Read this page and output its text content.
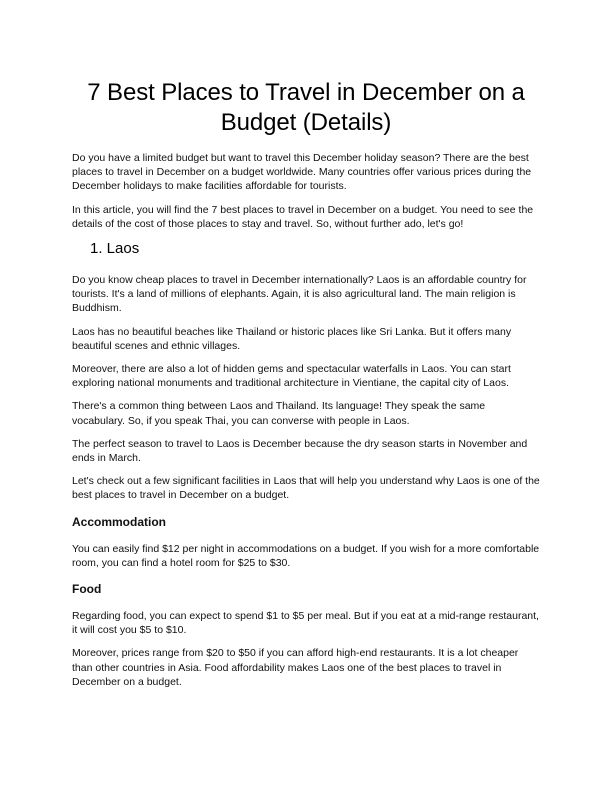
7 Best Places to Travel in December on a Budget (Details)

Do you have a limited budget but want to travel this December holiday season? There are the best places to travel in December on a budget worldwide. Many countries offer various prices during the December holidays to make facilities affordable for tourists.

In this article, you will find the 7 best places to travel in December on a budget. You need to see the details of the cost of those places to stay and travel. So, without further ado, let's go!

1. Laos

Do you know cheap places to travel in December internationally? Laos is an affordable country for tourists. It's a land of millions of elephants. Again, it is also agricultural land. The main religion is Buddhism.

Laos has no beautiful beaches like Thailand or historic places like Sri Lanka. But it offers many beautiful scenes and ethnic villages.

Moreover, there are also a lot of hidden gems and spectacular waterfalls in Laos. You can start exploring national monuments and traditional architecture in Vientiane, the capital city of Laos.

There's a common thing between Laos and Thailand. Its language! They speak the same vocabulary. So, if you speak Thai, you can converse with people in Laos.

The perfect season to travel to Laos is December because the dry season starts in November and ends in March.

Let's check out a few significant facilities in Laos that will help you understand why Laos is one of the best places to travel in December on a budget.

Accommodation

You can easily find $12 per night in accommodations on a budget. If you wish for a more comfortable room, you can find a hotel room for $25 to $30.

Food

Regarding food, you can expect to spend $1 to $5 per meal. But if you eat at a mid-range restaurant, it will cost you $5 to $10.

Moreover, prices range from $20 to $50 if you can afford high-end restaurants. It is a lot cheaper than other countries in Asia. Food affordability makes Laos one of the best places to travel in December on a budget.
